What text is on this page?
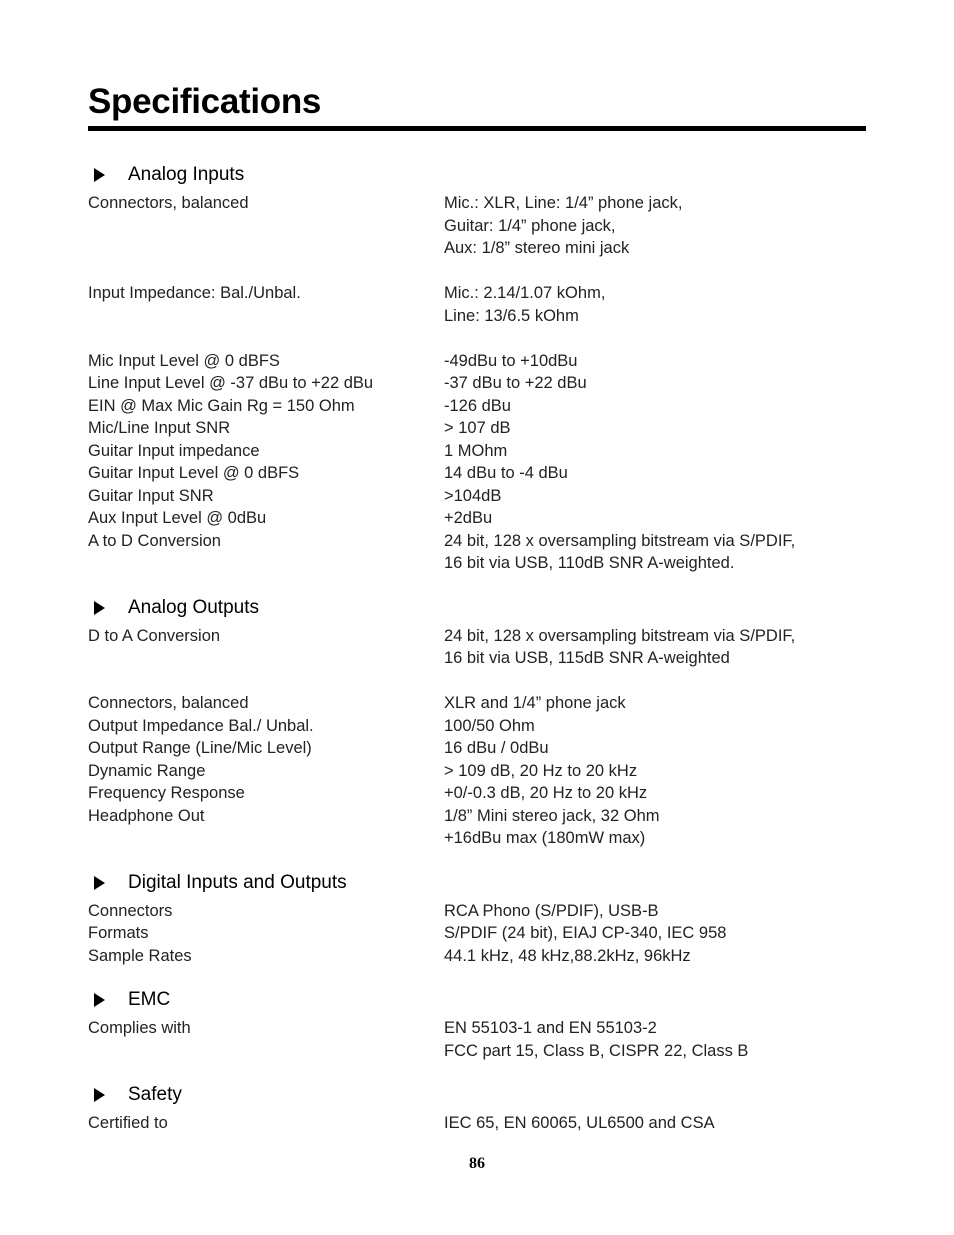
Specifications
Analog Inputs
Connectors, balanced	Mic.: XLR, Line: 1/4” phone jack,
Guitar: 1/4” phone jack,
Aux: 1/8” stereo mini jack
Input Impedance: Bal./Unbal.	Mic.: 2.14/1.07 kOhm,
Line: 13/6.5 kOhm
Mic Input Level @ 0 dBFS	-49dBu to +10dBu
Line Input Level @ -37 dBu to +22 dBu	-37 dBu to +22 dBu
EIN @ Max Mic Gain Rg = 150 Ohm	-126 dBu
Mic/Line Input SNR	> 107 dB
Guitar Input impedance	1 MOhm
Guitar Input Level @ 0 dBFS	14 dBu to -4 dBu
Guitar Input SNR	>104dB
Aux Input Level @ 0dBu	+2dBu
A to D Conversion	24 bit, 128 x oversampling bitstream via S/PDIF,
16 bit via USB, 110dB SNR A-weighted.
Analog Outputs
D to A Conversion	24 bit, 128 x oversampling bitstream via S/PDIF,
16 bit via USB, 115dB SNR A-weighted
Connectors, balanced	XLR and 1/4” phone jack
Output Impedance Bal./ Unbal.	100/50 Ohm
Output Range (Line/Mic Level)	16 dBu / 0dBu
Dynamic Range	> 109 dB, 20 Hz to 20 kHz
Frequency Response	+0/-0.3 dB, 20 Hz to 20 kHz
Headphone Out	1/8” Mini stereo jack, 32 Ohm
+16dBu max (180mW max)
Digital Inputs and Outputs
Connectors	RCA Phono (S/PDIF), USB-B
Formats	S/PDIF (24 bit), EIAJ CP-340, IEC 958
Sample Rates	44.1 kHz, 48 kHz,88.2kHz, 96kHz
EMC
Complies with	EN 55103-1 and EN 55103-2
FCC part 15, Class B, CISPR 22, Class B
Safety
Certified to	IEC 65, EN 60065, UL6500 and CSA
86
